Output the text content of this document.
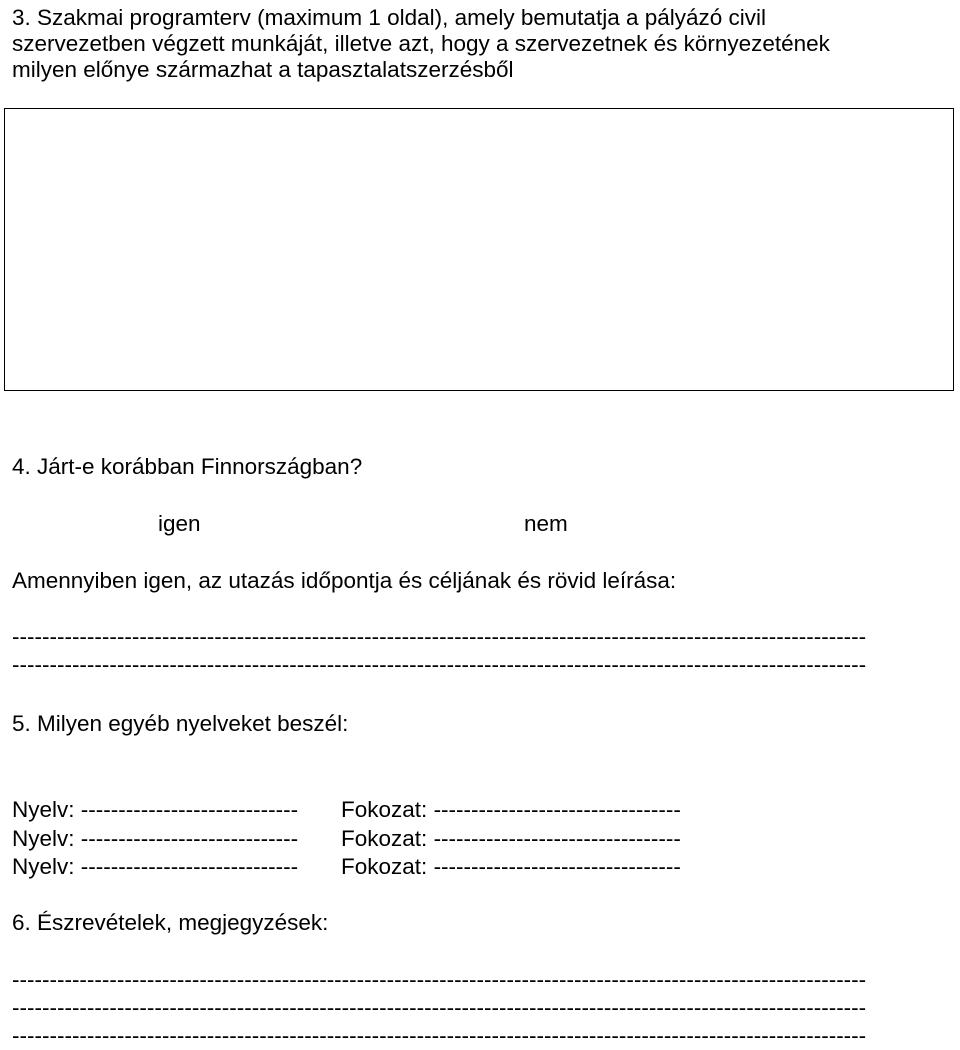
3. Szakmai programterv (maximum 1 oldal), amely bemutatja a pályázó civil
szervezetben végzett munkáját, illetve azt, hogy a szervezetnek és környezetének
milyen előnye származhat a tapasztalatszerzésből
4. Járt-e korábban Finnországban?
igen	nem
Amennyiben igen, az utazás időpontja és céljának és rövid leírása:
------------------------------------------------------------------------------------------------------------------
------------------------------------------------------------------------------------------------------------------
5. Milyen egyéb nyelveket beszél:
Nyelv: ----------------------------- Fokozat: ---------------------------------
Nyelv: ----------------------------- Fokozat: ---------------------------------
Nyelv: ----------------------------- Fokozat: ---------------------------------
6. Észrevételek, megjegyzések:
------------------------------------------------------------------------------------------------------------------
------------------------------------------------------------------------------------------------------------------
------------------------------------------------------------------------------------------------------------------
